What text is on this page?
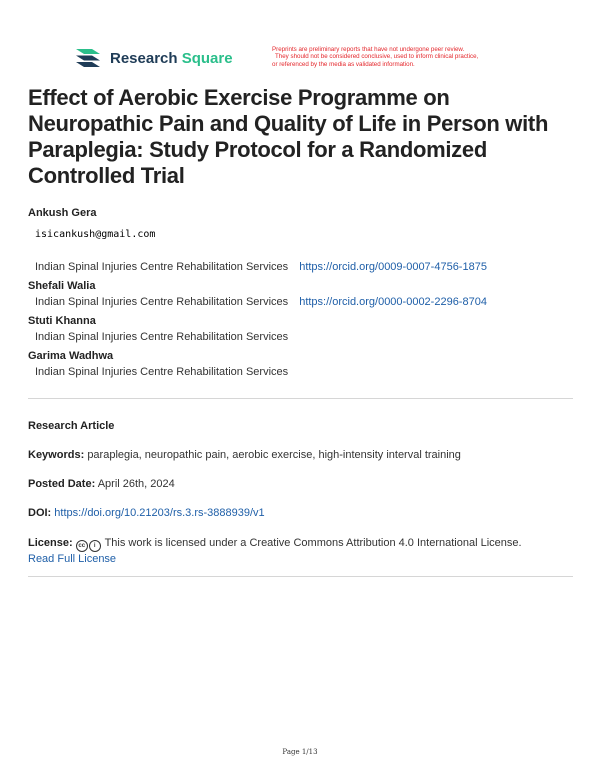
Research Square	Preprints are preliminary reports that have not undergone peer review.
They should not be considered conclusive, used to inform clinical practice,
or referenced by the media as validated information.
Effect of Aerobic Exercise Programme on Neuropathic Pain and Quality of Life in Person with Paraplegia: Study Protocol for a Randomized Controlled Trial
Ankush Gera
isicankush@gmail.com
Indian Spinal Injuries Centre Rehabilitation Services https://orcid.org/0009-0007-4756-1875
Shefali Walia
Indian Spinal Injuries Centre Rehabilitation Services https://orcid.org/0000-0002-2296-8704
Stuti Khanna
Indian Spinal Injuries Centre Rehabilitation Services
Garima Wadhwa
Indian Spinal Injuries Centre Rehabilitation Services
Research Article
Keywords: paraplegia, neuropathic pain, aerobic exercise, high-intensity interval training
Posted Date: April 26th, 2024
DOI: https://doi.org/10.21203/rs.3.rs-3888939/v1
License: cc i This work is licensed under a Creative Commons Attribution 4.0 International License.
Read Full License
Page 1/13
